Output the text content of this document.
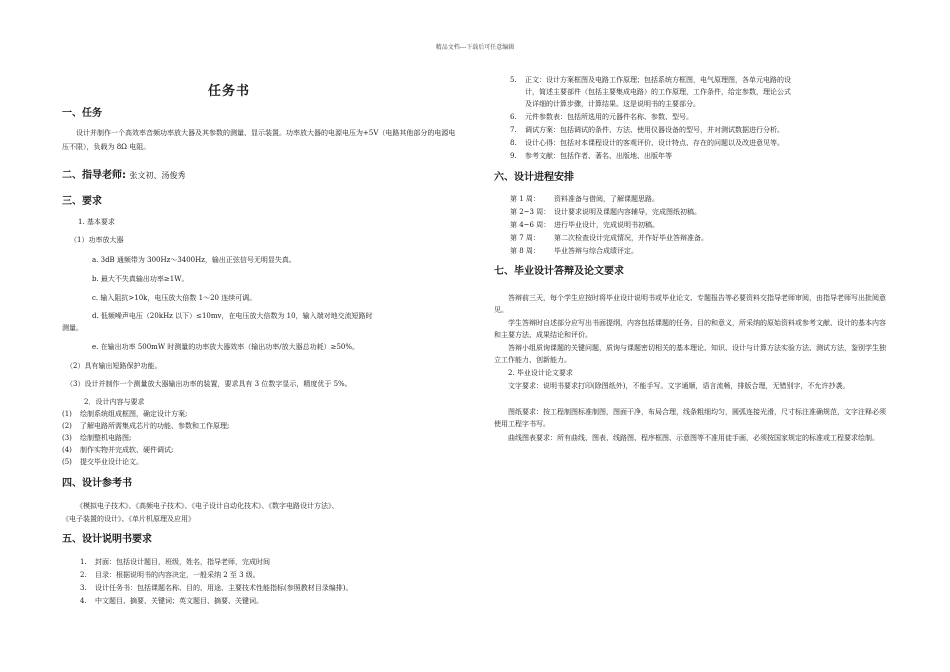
精品文档---下载后可任意编辑
任务书
一、任务
设计并制作一个高效率音频功率放大器及其参数的测量、显示装置。功率放大器的电源电压为+5V（电路其他部分的电源电压不限），负载为 8Ω 电阻。
二、指导老师: 张文初、汤俊秀
三、要求
1. 基本要求
（1）功率放大器
a. 3dB 通频带为 300Hz～3400Hz，输出正弦信号无明显失真。
b. 最大不失真输出功率≥1W。
c. 输入阻抗>10k，电压放大倍数 1～20 连续可调。
d. 低频噪声电压（20kHz 以下）≤10mv，在电压放大倍数为 10，输入端对地交流短路时
测量。
e. 在输出功率 500mW 时测量的功率放大器效率（输出功率/放大器总功耗）≥50%。
（2）具有输出短路保护功能。
（3）设计并制作一个测量放大器输出功率的装置，要求具有 3 位数字显示，精度优于 5%。
2．设计内容与要求
(1) 绘制系统组成框图，确定设计方案;
(2) 了解电路所需集成芯片的功能、参数和工作原理;
(3) 绘制整机电路图;
(4) 制作实物并完成软、硬件调试;
(5) 提交毕业设计论文。
四、设计参考书
《模拟电子技术》、《高频电子技术》、《电子设计自动化技术》、《数字电路设计方法》、
《电子装置的设计》、《单片机原理及应用》
五、设计说明书要求
1. 封面：包括设计题目，班级，姓名，指导老师，完成时间
2. 目录：根据说明书的内容决定，一般采纳 2 至 3 级。
3. 设计任务书：包括课题名称、目的、用途、主要技术性能指标(参照教材目录编排)。
4. 中文题目、摘要、关键词；英文题目、摘要、关键词。
5. 正文：设计方案框图及电路工作原理；包括系统方框图，电气原理图，各单元电路的设
计，简述主要部件（包括主要集成电路）的工作原理，工作条件，给定参数，理论公式
及详细的计算步骤，计算结果。这是说明书的主要部分。
6. 元件参数表：包括所选用的元器件名称、参数、型号。
7. 调试方案：包括调试的条件、方法、使用仪器设备的型号，并对测试数据进行分析。
8. 设计心得：包括对本课程设计的客观评价、设计特点、存在的问题以及改进意见等。
9. 参考文献：包括作者、著名、出版地、出版年等
六、设计进程安排
第 1 周： 资料准备与借阅，了解课题思路。
第 2~3 周： 设计要求说明及课题内容辅导，完成图纸初稿。
第 4~6 周： 进行毕业设计，完成说明书初稿。
第 7 周： 第二次检查设计完成情况，并作好毕业答辩准备。
第 8 周： 毕业答辩与综合成绩评定。
七、毕业设计答辩及论文要求
答辩前三天，每个学生应按时将毕业设计说明书或毕业论文、专题报告等必要资料交指导老师审阅，由指导老师写出批阅意见。
学生答辩时自述部分应写出书面提纲，内容包括课题的任务、目的和意义，所采纳的原始资料或参考文献、设计的基本内容和主要方法、成果结论和评价。
答辩小组质询课题的关键问题，质询与课题密切相关的基本理论、知识、设计与计算方法实验方法、测试方法，鉴别学生独立工作能力、创新能力。
2. 毕业设计论文要求
文字要求：说明书要求打印(除图纸外)，不能手写。文字通顺，语言流畅，排版合理，无错别字，不允许抄袭。
图纸要求：按工程制图标准制图，图面干净，布局合理，线条粗细均匀，圆弧连接光滑，尺寸标注准确规范，文字注释必须使用工程字书写。
曲线图表要求：所有曲线、图表、线路图、程序框图、示意图等不准用徒手画，必须按国家规定的标准或工程要求绘制。
